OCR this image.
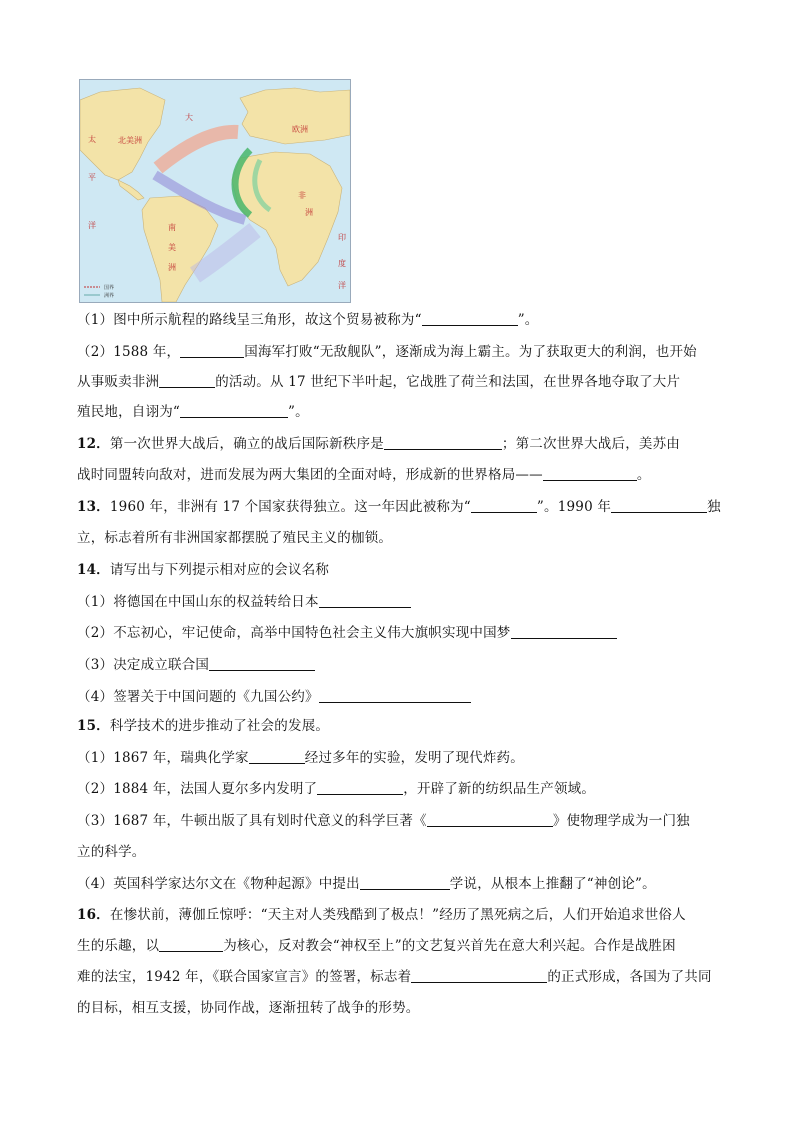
北美洲
南
美
洲
欧洲
非
洲
大
太
平
洋
印
度
洋
国界
洲界
（1）图中所示航程的路线呈三角形，故这个贸易被称为“	”。
（2）1588 年，	国海军打败“无敌舰队”，逐渐成为海上霸主。为了获取更大的利润，也开始
从事贩卖非洲	的活动。从 17 世纪下半叶起，它战胜了荷兰和法国，在世界各地夺取了大片
殖民地，自诩为“	”。
12．第一次世界大战后，确立的战后国际新秩序是	；第二次世界大战后，美苏由
战时同盟转向敌对，进而发展为两大集团的全面对峙，形成新的世界格局——	。
13．1960 年，非洲有 17 个国家获得独立。这一年因此被称为“	”。1990 年	独
立，标志着所有非洲国家都摆脱了殖民主义的枷锁。
14．请写出与下列提示相对应的会议名称
（1）将德国在中国山东的权益转给日本
（2）不忘初心，牢记使命，高举中国特色社会主义伟大旗帜实现中国梦
（3）决定成立联合国
（4）签署关于中国问题的《九国公约》
15．科学技术的进步推动了社会的发展。
（1）1867 年，瑞典化学家	经过多年的实验，发明了现代炸药。
（2）1884 年，法国人夏尔多内发明了	，开辟了新的纺织品生产领域。
（3）1687 年，牛顿出版了具有划时代意义的科学巨著《	》使物理学成为一门独
立的科学。
（4）英国科学家达尔文在《物种起源》中提出	学说，从根本上推翻了“神创论”。
16．在惨状前，薄伽丘惊呼：“天主对人类残酷到了极点！”经历了黑死病之后，人们开始追求世俗人
生的乐趣，以	为核心，反对教会“神权至上”的文艺复兴首先在意大利兴起。合作是战胜困
难的法宝，1942 年，《联合国家宣言》的签署，标志着	的正式形成，各国为了共同
的目标，相互支援，协同作战，逐渐扭转了战争的形势。
